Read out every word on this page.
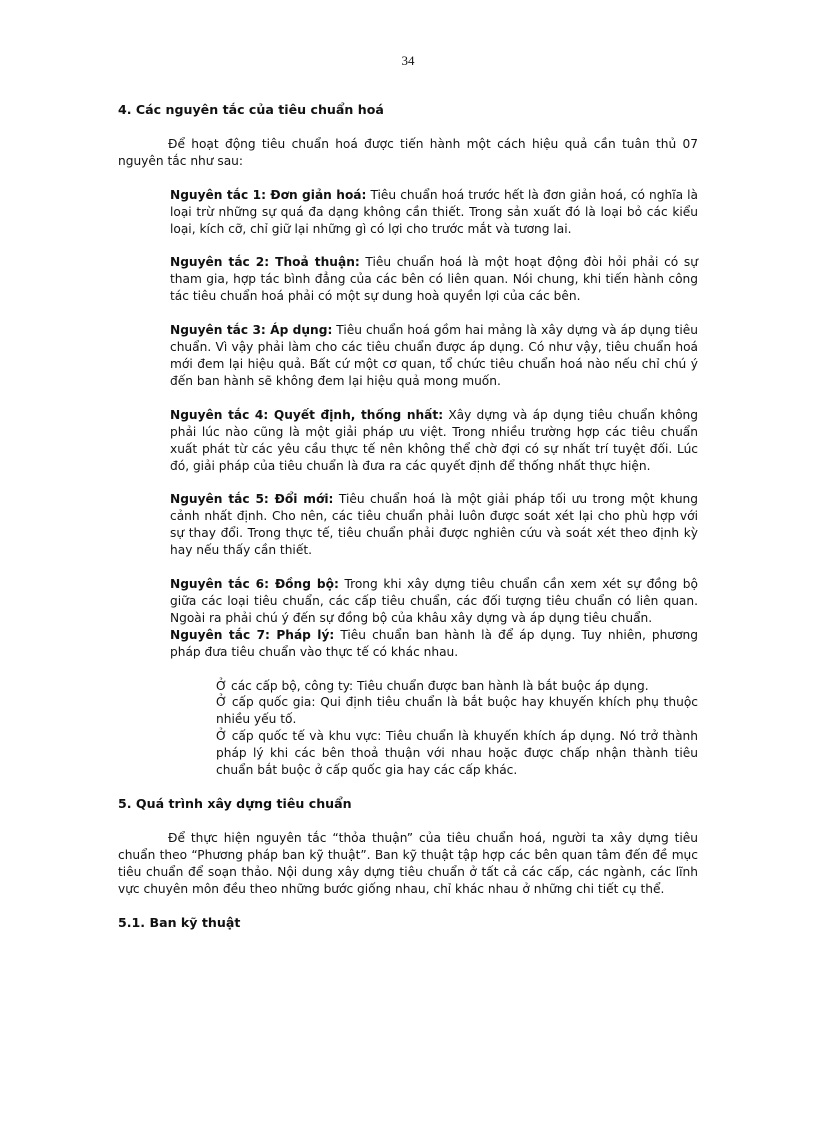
34

4. Các nguyên tắc của tiêu chuẩn hoá

Để hoạt động tiêu chuẩn hoá được tiến hành một cách hiệu quả cần tuân thủ 07 nguyên tắc như sau:

Nguyên tắc 1: Đơn giản hoá: Tiêu chuẩn hoá trước hết là đơn giản hoá, có nghĩa là loại trừ những sự quá đa dạng không cần thiết. Trong sản xuất đó là loại bỏ các kiểu loại, kích cỡ, chỉ giữ lại những gì có lợi cho trước mắt và tương lai.

Nguyên tắc 2: Thoả thuận: Tiêu chuẩn hoá là một hoạt động đòi hỏi phải có sự tham gia, hợp tác bình đẳng của các bên có liên quan. Nói chung, khi tiến hành công tác tiêu chuẩn hoá phải có một sự dung hoà quyền lợi của các bên.

Nguyên tắc 3: Áp dụng: Tiêu chuẩn hoá gồm hai mảng là xây dựng và áp dụng tiêu chuẩn. Vì vậy phải làm cho các tiêu chuẩn được áp dụng. Có như vậy, tiêu chuẩn hoá mới đem lại hiệu quả. Bất cứ một cơ quan, tổ chức tiêu chuẩn hoá nào nếu chỉ chú ý đến ban hành sẽ không đem lại hiệu quả mong muốn.

Nguyên tắc 4: Quyết định, thống nhất: Xây dựng và áp dụng tiêu chuẩn không phải lúc nào cũng là một giải pháp ưu việt. Trong nhiều trường hợp các tiêu chuẩn xuất phát từ các yêu cầu thực tế nên không thể chờ đợi có sự nhất trí tuyệt đối. Lúc đó, giải pháp của tiêu chuẩn là đưa ra các quyết định để thống nhất thực hiện.

Nguyên tắc 5: Đổi mới: Tiêu chuẩn hoá là một giải pháp tối ưu trong một khung cảnh nhất định. Cho nên, các tiêu chuẩn phải luôn được soát xét lại cho phù hợp với sự thay đổi. Trong thực tế, tiêu chuẩn phải được nghiên cứu và soát xét theo định kỳ hay nếu thấy cần thiết.

Nguyên tắc 6: Đồng bộ: Trong khi xây dựng tiêu chuẩn cần xem xét sự đồng bộ giữa các loại tiêu chuẩn, các cấp tiêu chuẩn, các đối tượng tiêu chuẩn có liên quan. Ngoài ra phải chú ý đến sự đồng bộ của khâu xây dựng và áp dụng tiêu chuẩn.

Nguyên tắc 7: Pháp lý: Tiêu chuẩn ban hành là để áp dụng. Tuy nhiên, phương pháp đưa tiêu chuẩn vào thực tế có khác nhau.

Ở các cấp bộ, công ty: Tiêu chuẩn được ban hành là bắt buộc áp dụng.

Ở cấp quốc gia: Qui định tiêu chuẩn là bắt buộc hay khuyến khích phụ thuộc nhiều yếu tố.

Ở cấp quốc tế và khu vực: Tiêu chuẩn là khuyến khích áp dụng. Nó trở thành pháp lý khi các bên thoả thuận với nhau hoặc được chấp nhận thành tiêu chuẩn bắt buộc ở cấp quốc gia hay các cấp khác.

5. Quá trình xây dựng tiêu chuẩn

Để thực hiện nguyên tắc “thỏa thuận” của tiêu chuẩn hoá, người ta xây dựng tiêu chuẩn theo “Phương pháp ban kỹ thuật”. Ban kỹ thuật tập hợp các bên quan tâm đến đề mục tiêu chuẩn để soạn thảo. Nội dung xây dựng tiêu chuẩn ở tất cả các cấp, các ngành, các lĩnh vực chuyên môn đều theo những bước giống nhau, chỉ khác nhau ở những chi tiết cụ thể.

5.1. Ban kỹ thuật
